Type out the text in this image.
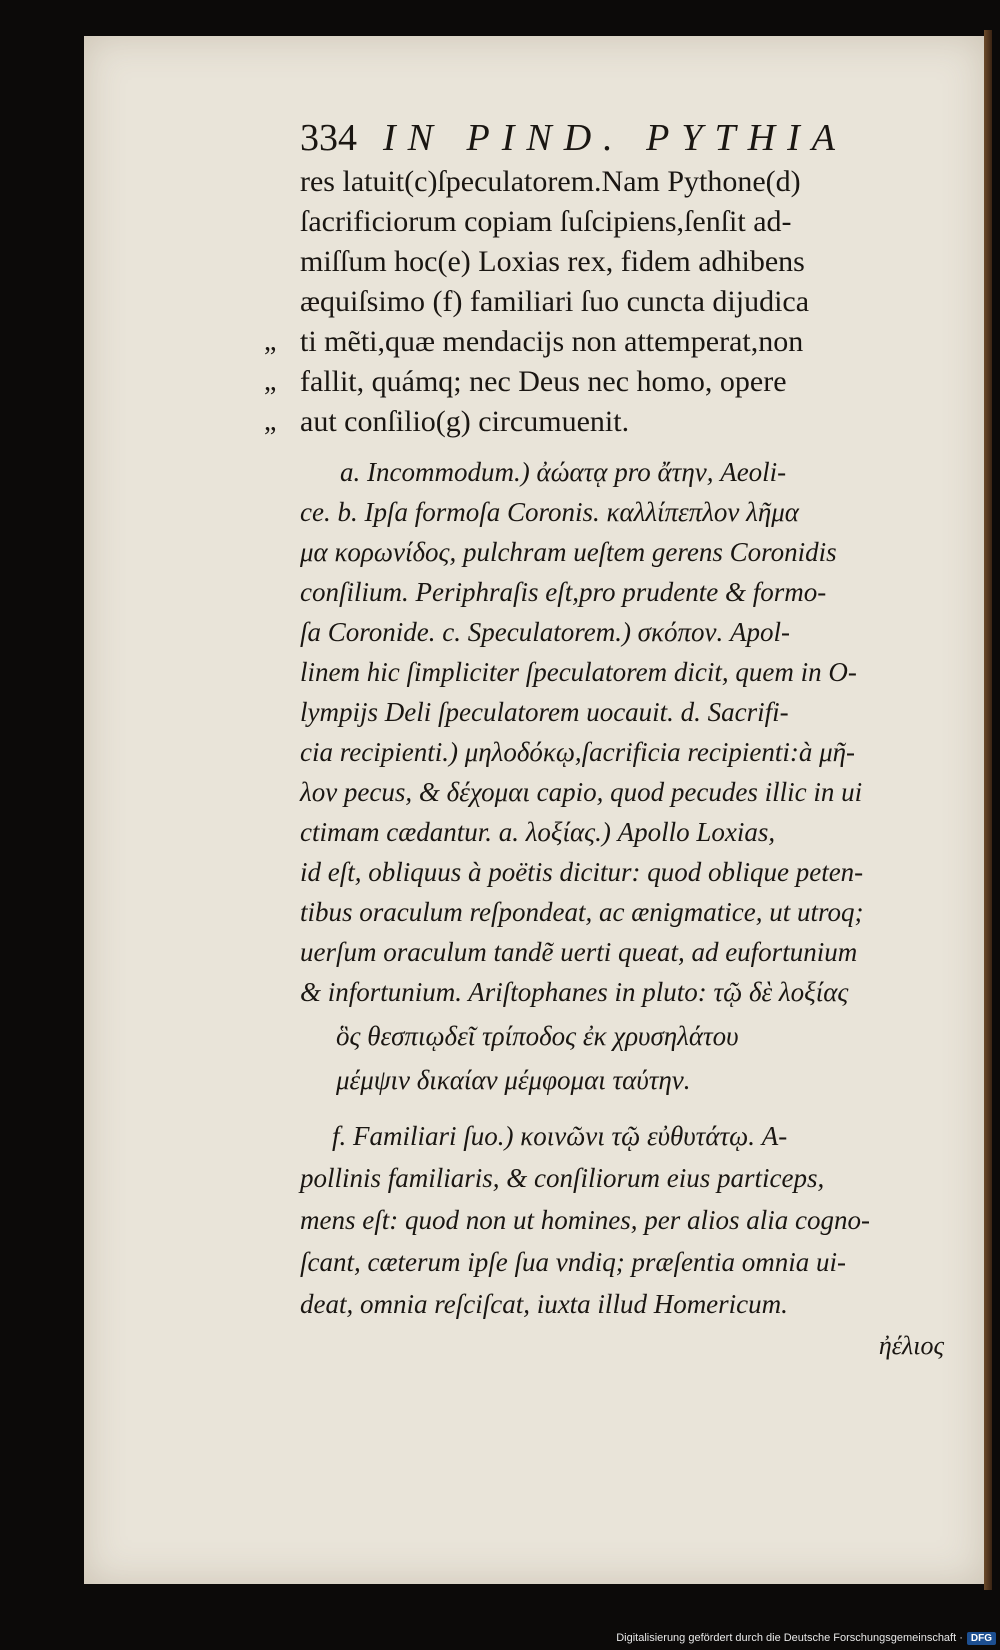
334 IN PIND. PYTHIA
res latuit(c)ſpeculatorem.Nam Pythone(d)
ſacrificiorum copiam ſuſcipiens,ſenſit ad-
miſſum hoc(e) Loxias rex, fidem adhibens
æquiſsimo (f) familiari ſuo cuncta dijudica
ti mẽti,quæ mendacijs non attemperat,non
fallit, quámq; nec Deus nec homo, opere
aut conſilio(g) circumuenit.
„
„
„
a. Incommodum.) ἀώατᾳ pro ἄτην, Aeoli-
ce. b. Ipſa formoſa Coronis. καλλίπεπλον λῆμα
μα κορωνίδος, pulchram ueſtem gerens Coronidis
conſilium. Periphraſis eſt,pro prudente & formo-
ſa Coronide. c. Speculatorem.) σκόπον. Apol-
linem hic ſimpliciter ſpeculatorem dicit, quem in O-
lympijs Deli ſpeculatorem uocauit. d. Sacrifi-
cia recipienti.) μηλοδόκῳ,ſacrificia recipienti:à μῆ-
λον pecus, & δέχομαι capio, quod pecudes illic in ui
ctimam cædantur. a. λοξίας.) Apollo Loxias,
id eſt, obliquus à poëtis dicitur: quod oblique peten-
tibus oraculum reſpondeat, ac ænigmatice, ut utroq;
uerſum oraculum tandẽ uerti queat, ad eufortunium
& infortunium. Ariſtophanes in pluto: τῷ δὲ λοξίας
ὃς θεσπιῳδεῖ τρίποδος ἐκ χρυσηλάτου
μέμψιν δικαίαν μέμφομαι ταύτην.
f. Familiari ſuo.) κοινῶνι τῷ εὐθυτάτῳ. A-
pollinis familiaris, & conſiliorum eius particeps,
mens eſt: quod non ut homines, per alios alia cogno-
ſcant, cæterum ipſe ſua vndiq; præſentia omnia ui-
deat, omnia reſciſcat, iuxta illud Homericum.
ἠέλιος
Digitalisierung gefördert durch die Deutsche Forschungsgemeinschaft · DFG
